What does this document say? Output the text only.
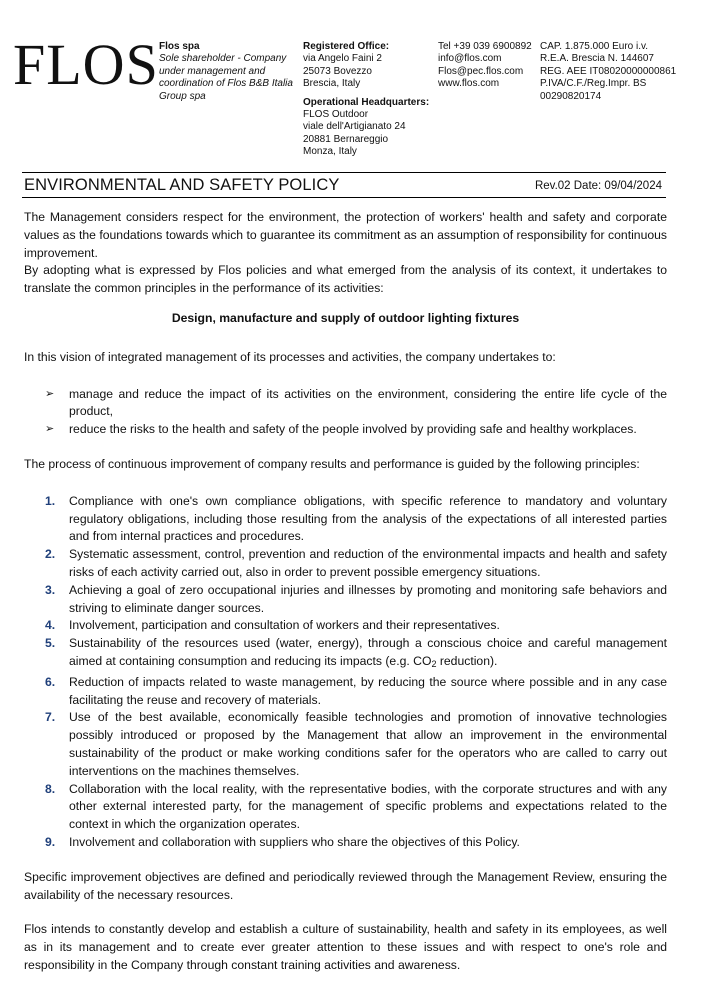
FLOS Flos spa
Sole shareholder - Company
under management and
coordination of Flos B&B Italia
Group spa
Registered Office:
via Angelo Faini 2
25073 Bovezzo
Brescia, Italy
Operational Headquarters:
FLOS Outdoor
viale dell'Artigianato 24
20881 Bernareggio
Monza, Italy
Tel +39 039 6900892
info@flos.com
Flos@pec.flos.com
www.flos.com
CAP. 1.875.000 Euro i.v.
R.E.A. Brescia N. 144607
REG. AEE IT08020000000861
P.IVA/C.F./Reg.Impr. BS
00290820174
ENVIRONMENTAL AND SAFETY POLICY	Rev.02 Date: 09/04/2024

The Management considers respect for the environment, the protection of workers' health and safety and corporate values as the foundations towards which to guarantee its commitment as an assumption of responsibility for continuous improvement.

By adopting what is expressed by Flos policies and what emerged from the analysis of its context, it undertakes to translate the common principles in the performance of its activities:

Design, manufacture and supply of outdoor lighting fixtures

In this vision of integrated management of its processes and activities, the company undertakes to:

➢ manage and reduce the impact of its activities on the environment, considering the entire life cycle of the product,
➢ reduce the risks to the health and safety of the people involved by providing safe and healthy workplaces.

The process of continuous improvement of company results and performance is guided by the following principles:

1. Compliance with one's own compliance obligations, with specific reference to mandatory and voluntary regulatory obligations, including those resulting from the analysis of the expectations of all interested parties and from internal practices and procedures.
2. Systematic assessment, control, prevention and reduction of the environmental impacts and health and safety risks of each activity carried out, also in order to prevent possible emergency situations.
3. Achieving a goal of zero occupational injuries and illnesses by promoting and monitoring safe behaviors and striving to eliminate danger sources.
4. Involvement, participation and consultation of workers and their representatives.
5. Sustainability of the resources used (water, energy), through a conscious choice and careful management aimed at containing consumption and reducing its impacts (e.g. $CO_2$ reduction).
6. Reduction of impacts related to waste management, by reducing the source where possible and in any case facilitating the reuse and recovery of materials.
7. Use of the best available, economically feasible technologies and promotion of innovative technologies possibly introduced or proposed by the Management that allow an improvement in the environmental sustainability of the product or make working conditions safer for the operators who are called to carry out interventions on the machines themselves.
8. Collaboration with the local reality, with the representative bodies, with the corporate structures and with any other external interested party, for the management of specific problems and expectations related to the context in which the organization operates.
9. Involvement and collaboration with suppliers who share the objectives of this Policy.

Specific improvement objectives are defined and periodically reviewed through the Management Review, ensuring the availability of the necessary resources.

Flos intends to constantly develop and establish a culture of sustainability, health and safety in its employees, as well as in its management and to create ever greater attention to these issues and with respect to one's role and responsibility in the Company through constant training activities and awareness.
